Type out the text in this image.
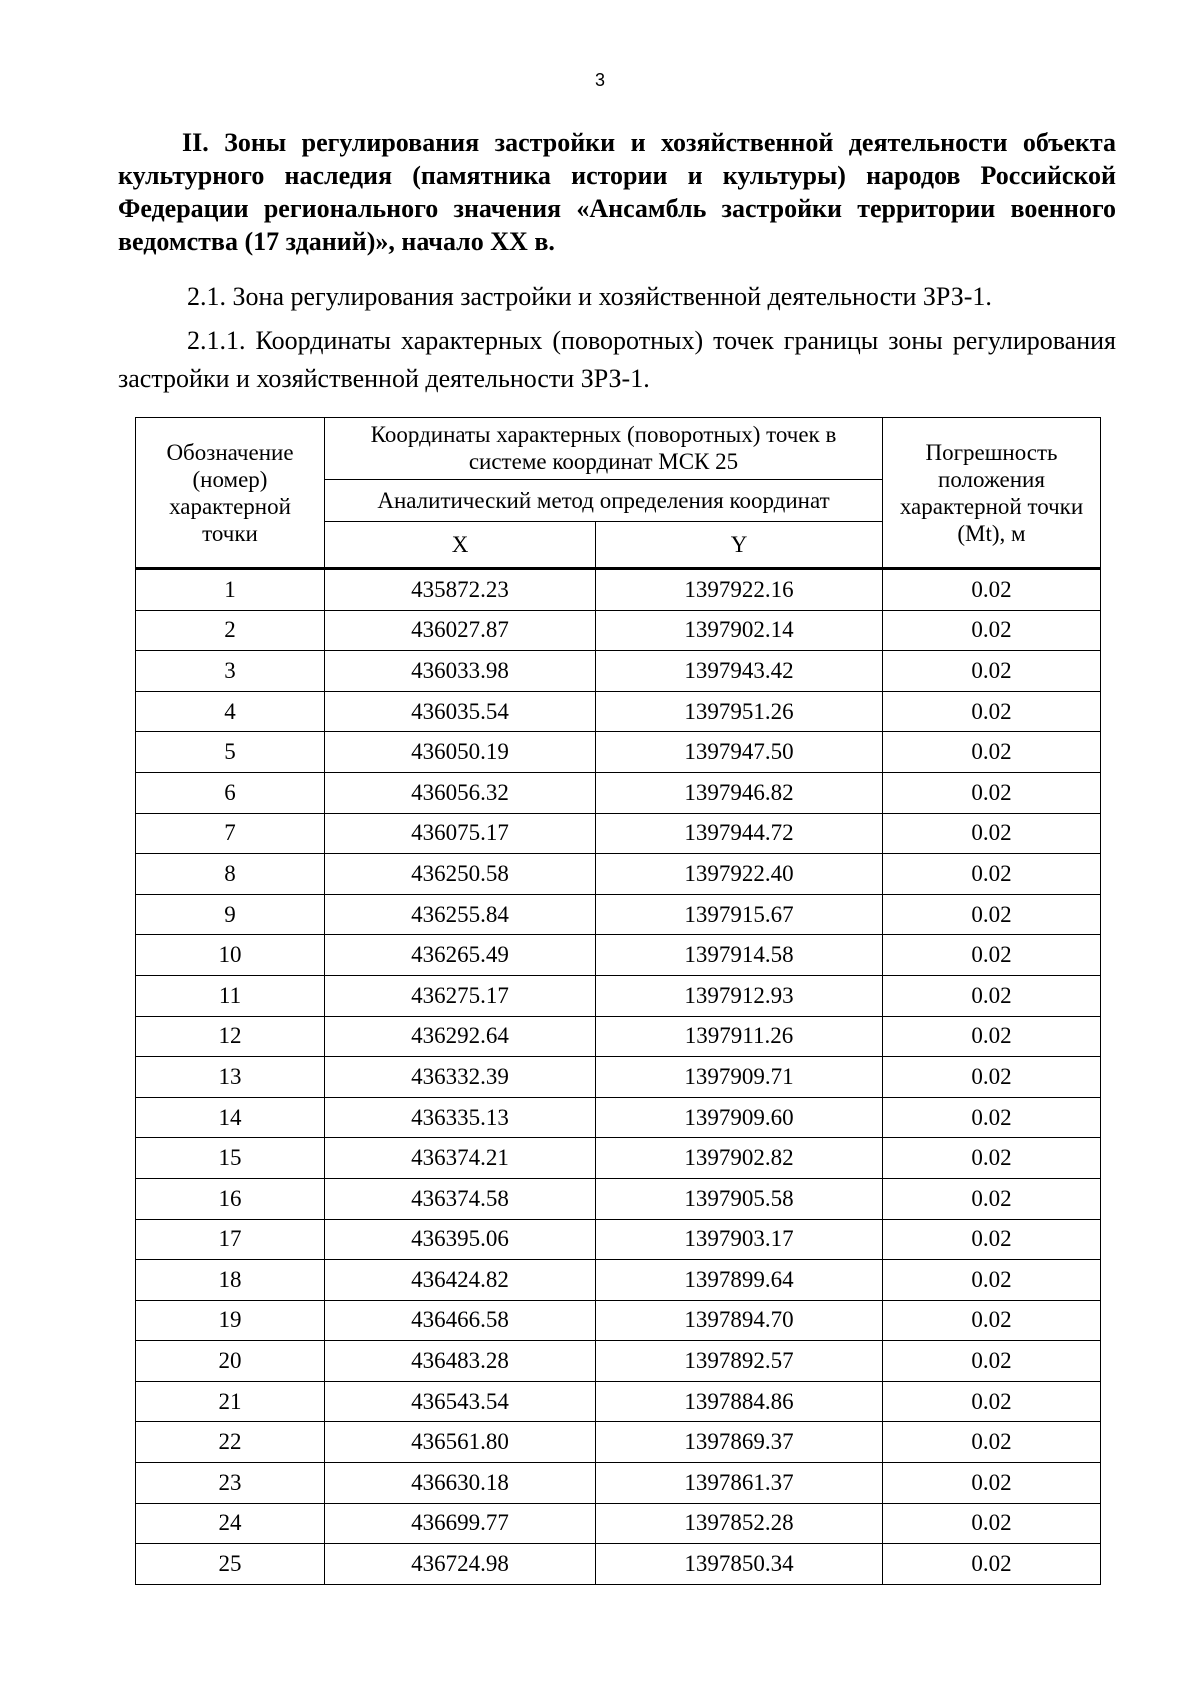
3
II. Зоны регулирования застройки и хозяйственной деятельности объекта культурного наследия (памятника истории и культуры) народов Российской Федерации регионального значения «Ансамбль застройки территории военного ведомства (17 зданий)», начало ХХ в.
2.1. Зона регулирования застройки и хозяйственной деятельности ЗРЗ-1.
2.1.1. Координаты характерных (поворотных) точек границы зоны регулирования застройки и хозяйственной деятельности ЗРЗ-1.
Обозначение (номер) характерной точки	Координаты характерных (поворотных) точек в системе координат МСК 25		Погрешность положения характерной точки (Mt), м
	Аналитический метод определения координат		
	X	Y	
1	435872.23	1397922.16	0.02
2	436027.87	1397902.14	0.02
3	436033.98	1397943.42	0.02
4	436035.54	1397951.26	0.02
5	436050.19	1397947.50	0.02
6	436056.32	1397946.82	0.02
7	436075.17	1397944.72	0.02
8	436250.58	1397922.40	0.02
9	436255.84	1397915.67	0.02
10	436265.49	1397914.58	0.02
11	436275.17	1397912.93	0.02
12	436292.64	1397911.26	0.02
13	436332.39	1397909.71	0.02
14	436335.13	1397909.60	0.02
15	436374.21	1397902.82	0.02
16	436374.58	1397905.58	0.02
17	436395.06	1397903.17	0.02
18	436424.82	1397899.64	0.02
19	436466.58	1397894.70	0.02
20	436483.28	1397892.57	0.02
21	436543.54	1397884.86	0.02
22	436561.80	1397869.37	0.02
23	436630.18	1397861.37	0.02
24	436699.77	1397852.28	0.02
25	436724.98	1397850.34	0.02
